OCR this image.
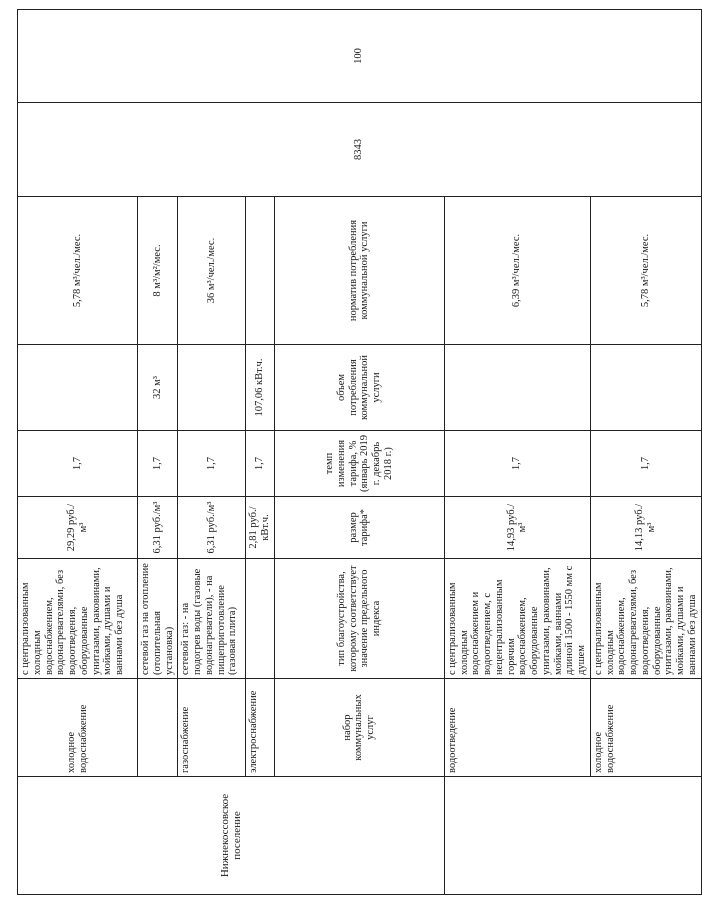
Нижнекоссовское поселение	холодное водоснабжение	с централизованным холодным водоснабжением, водонагревателями, без водоотведения, оборудованные унитазами, раковинами, мойками, душами и ваннами без душа	29,29 руб./м³	1,7		5,78 м³/чел./мес.	8343	100
		сетевой газ на отопление (отопительная установка)	6,31 руб./м³	1,7	32 м³	8 м³/м²/мес.		
	газоснабжение	сетевой газ: - на подогрев воды (газовые водонагреватели), - на пищеприготовление (газовая плита)	6,31 руб./м³	1,7		36 м³/чел./мес.		
	электроснабжение		2,81 руб./кВт.ч.	1,7	107,06 кВт.ч.			
	набор коммунальных услуг	тип благоустройства, которому соответствует значение предельного индекса	размер тарифа*	темп изменения тарифа, % (январь 2019 г. декабрь 2018 г.)	объем потребления коммунальной услуги	норматив потребления коммунальной услуги		
	водоотведение	с централизованным холодным водоснабжением и водоотведением, с нецентрализованным горячим водоснабжением, оборудованные унитазами, раковинами, мойками, ваннами длиной 1500 - 1550 мм с душем	14,93 руб./м³	1,7		6,39 м³/чел./мес.		
	холодное водоснабжение	с централизованным холодным водоснабжением, водонагревателями, без водоотведения, оборудованные унитазами, раковинами, мойками, душами и ваннами без душа	14,13 руб./м³	1,7		5,78 м³/чел./мес.		
